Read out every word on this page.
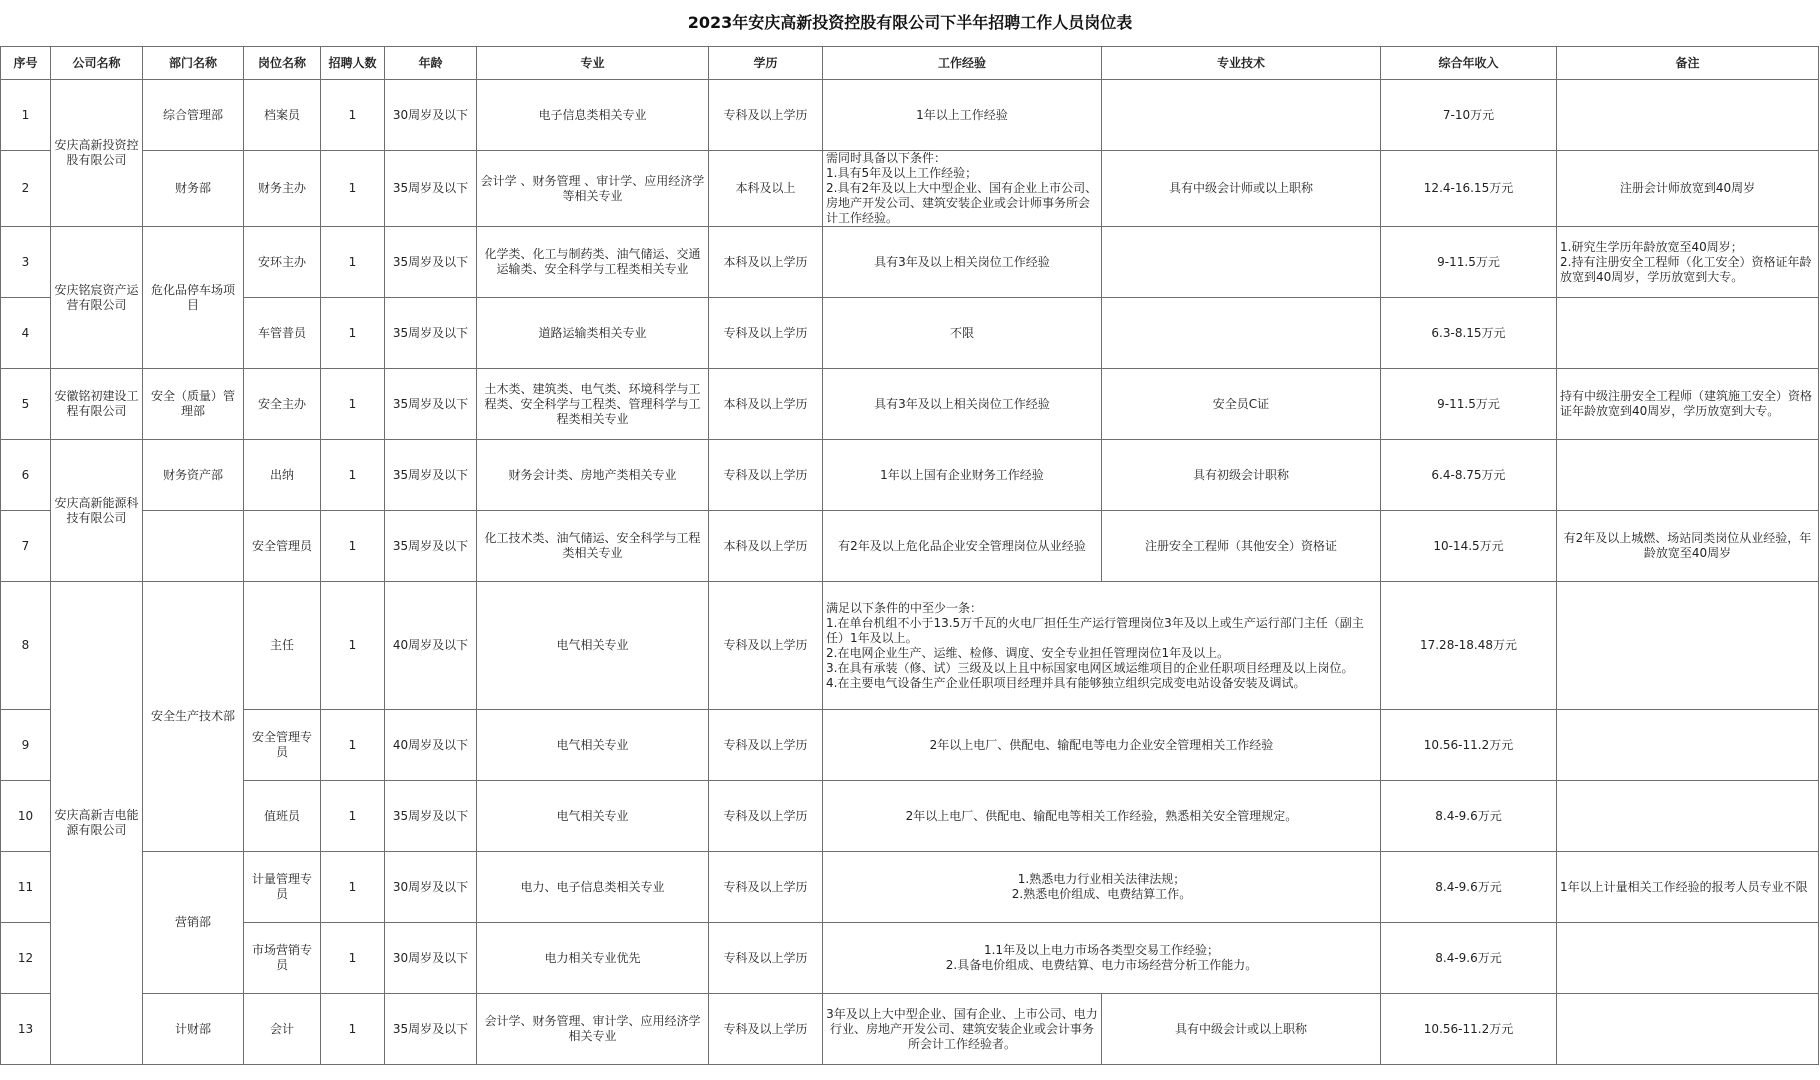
2023年安庆高新投资控股有限公司下半年招聘工作人员岗位表
序号	公司名称	部门名称	岗位名称	招聘人数	年龄	专业	学历	工作经验	专业技术	综合年收入	备注
1	安庆高新投资控股有限公司	综合管理部	档案员	1	30周岁及以下	电子信息类相关专业	专科及以上学历	1年以上工作经验		7-10万元	
2		财务部	财务主办	1	35周岁及以下	会计学 、财务管理 、审计学、应用经济学等相关专业	本科及以上	需同时具备以下条件：
1.具有5年及以上工作经验；
2.具有2年及以上大中型企业、国有企业上市公司、房地产开发公司、建筑安装企业或会计师事务所会计工作经验。	具有中级会计师或以上职称	12.4-16.15万元	注册会计师放宽到40周岁
3	安庆铭宸资产运营有限公司	危化品停车场项目	安环主办	1	35周岁及以下	化学类、化工与制药类、油气储运、交通运输类、安全科学与工程类相关专业	本科及以上学历	具有3年及以上相关岗位工作经验		9-11.5万元	1.研究生学历年龄放宽至40周岁；
2.持有注册安全工程师（化工安全）资格证年龄放宽到40周岁，学历放宽到大专。
4			车管普员	1	35周岁及以下	道路运输类相关专业	专科及以上学历	不限		6.3-8.15万元	
5	安徽铭初建设工程有限公司	安全（质量）管理部	安全主办	1	35周岁及以下	土木类、建筑类、电气类、环境科学与工程类、安全科学与工程类、管理科学与工程类相关专业	本科及以上学历	具有3年及以上相关岗位工作经验	安全员C证	9-11.5万元	持有中级注册安全工程师（建筑施工安全）资格证年龄放宽到40周岁，学历放宽到大专。
6	安庆高新能源科技有限公司	财务资产部	出纳	1	35周岁及以下	财务会计类、房地产类相关专业	专科及以上学历	1年以上国有企业财务工作经验	具有初级会计职称	6.4-8.75万元	
7			安全管理员	1	35周岁及以下	化工技术类、油气储运、安全科学与工程类相关专业	本科及以上学历	有2年及以上危化品企业安全管理岗位从业经验	注册安全工程师（其他安全）资格证	10-14.5万元	有2年及以上城燃、场站同类岗位从业经验，年龄放宽至40周岁
8	安庆高新吉电能源有限公司	安全生产技术部	主任	1	40周岁及以下	电气相关专业	专科及以上学历	满足以下条件的中至少一条：
1.在单台机组不小于13.5万千瓦的火电厂担任生产运行管理岗位3年及以上或生产运行部门主任（副主任）1年及以上。
2.在电网企业生产、运维、检修、调度、安全专业担任管理岗位1年及以上。
3.在具有承装（修、试）三级及以上且中标国家电网区域运维项目的企业任职项目经理及以上岗位。
4.在主要电气设备生产企业任职项目经理并具有能够独立组织完成变电站设备安装及调试。		17.28-18.48万元	
9			安全管理专员	1	40周岁及以下	电气相关专业	专科及以上学历	2年以上电厂、供配电、输配电等电力企业安全管理相关工作经验		10.56-11.2万元	
10			值班员	1	35周岁及以下	电气相关专业	专科及以上学历	2年以上电厂、供配电、输配电等相关工作经验，熟悉相关安全管理规定。		8.4-9.6万元	
11		营销部	计量管理专员	1	30周岁及以下	电力、电子信息类相关专业	专科及以上学历	1.熟悉电力行业相关法律法规；
2.熟悉电价组成、电费结算工作。		8.4-9.6万元	1年以上计量相关工作经验的报考人员专业不限
12			市场营销专员	1	30周岁及以下	电力相关专业优先	专科及以上学历	1.1年及以上电力市场各类型交易工作经验；
2.具备电价组成、电费结算、电力市场经营分析工作能力。		8.4-9.6万元	
13		计财部	会计	1	35周岁及以下	会计学、财务管理、审计学、应用经济学相关专业	专科及以上学历	3年及以上大中型企业、国有企业、上市公司、电力行业、房地产开发公司、建筑安装企业或会计事务所会计工作经验者。	具有中级会计或以上职称	10.56-11.2万元	
